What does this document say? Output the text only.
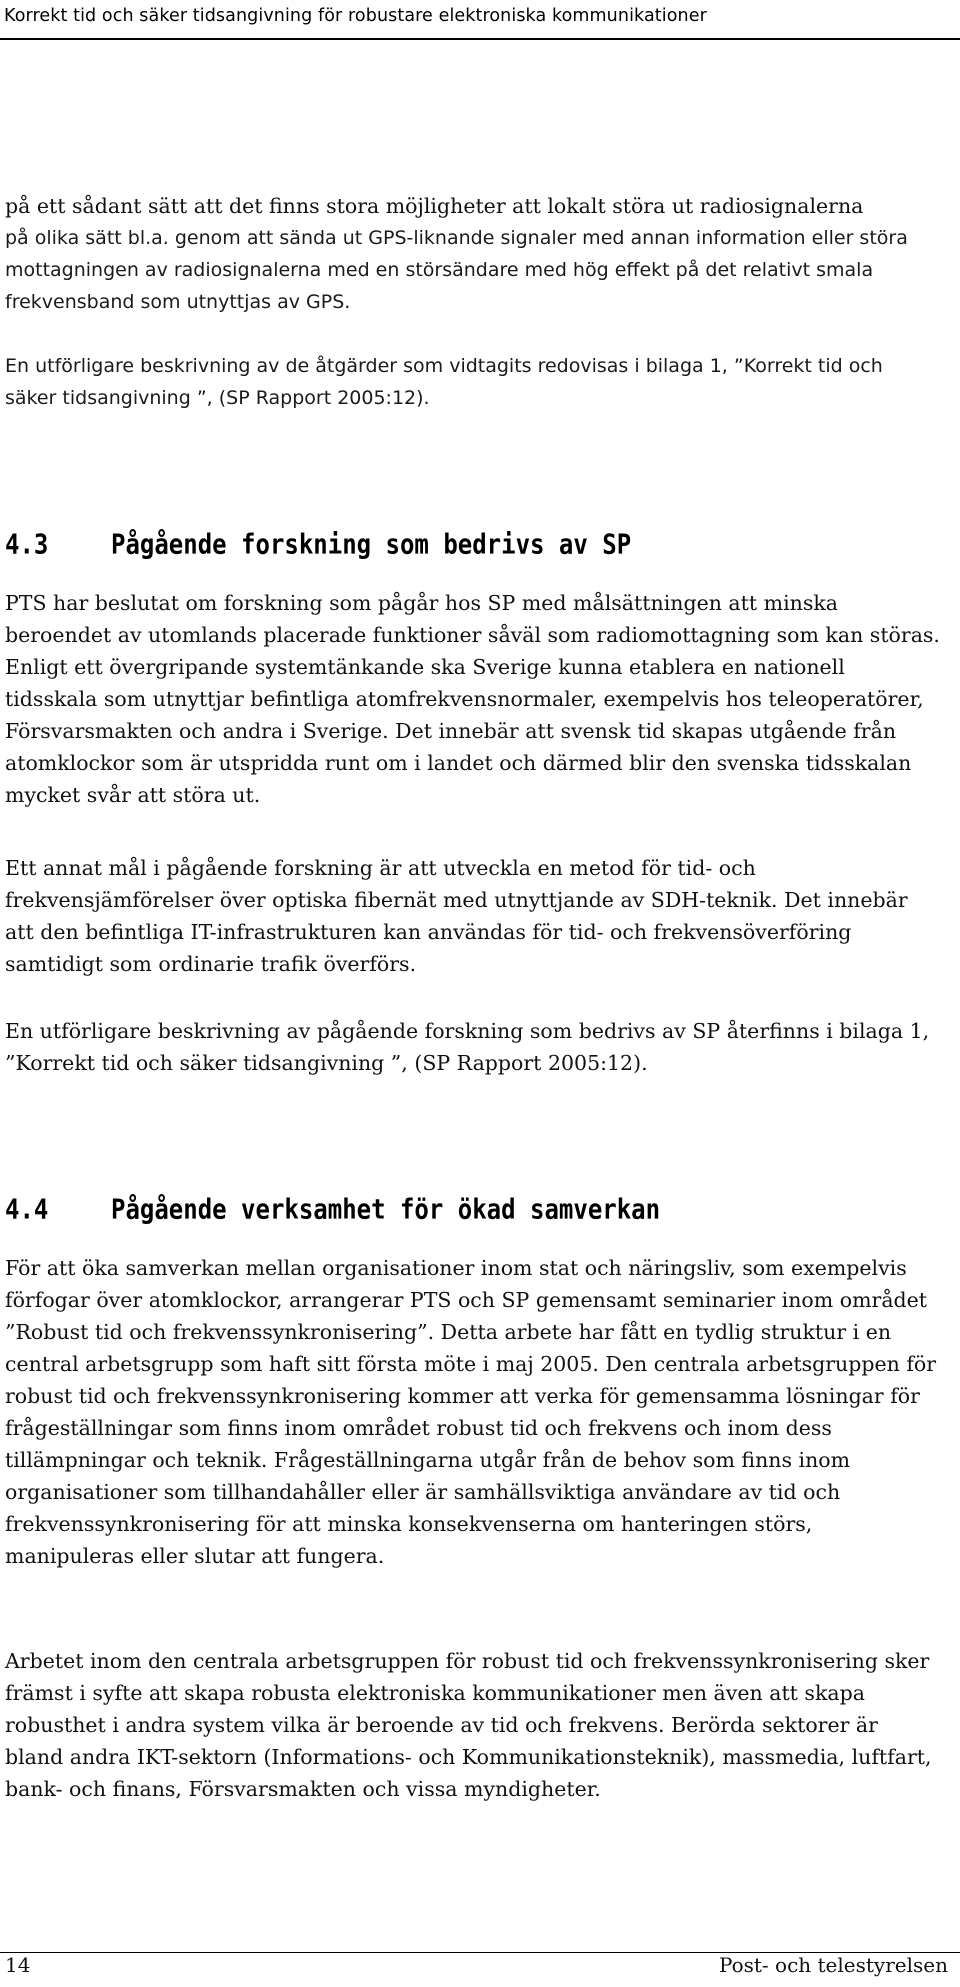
Korrekt tid och säker tidsangivning för robustare elektroniska kommunikationer

på ett sådant sätt att det finns stora möjligheter att lokalt störa ut radiosignalerna

på olika sätt bl.a. genom att sända ut GPS-liknande signaler med annan information eller störa mottagningen av radiosignalerna med en störsändare med hög effekt på det relativt smala frekvensband som utnyttjas av GPS.

En utförligare beskrivning av de åtgärder som vidtagits redovisas i bilaga 1, ”Korrekt tid och säker tidsangivning ”, (SP Rapport 2005:12).

4.3	Pågående forskning som bedrivs av SP

PTS har beslutat om forskning som pågår hos SP med målsättningen att minska beroendet av utomlands placerade funktioner såväl som radiomottagning som kan störas. Enligt ett övergripande systemtänkande ska Sverige kunna etablera en nationell tidsskala som utnyttjar befintliga atomfrekvensnormaler, exempelvis hos teleoperatörer, Försvarsmakten och andra i Sverige. Det innebär att svensk tid skapas utgående från atomklockor som är utspridda runt om i landet och därmed blir den svenska tidsskalan mycket svår att störa ut.

Ett annat mål i pågående forskning är att utveckla en metod för tid- och frekvensjämförelser över optiska fibernät med utnyttjande av SDH-teknik. Det innebär att den befintliga IT-infrastrukturen kan användas för tid- och frekvensöverföring samtidigt som ordinarie trafik överförs.

En utförligare beskrivning av pågående forskning som bedrivs av SP återfinns i bilaga 1, ”Korrekt tid och säker tidsangivning ”, (SP Rapport 2005:12).

4.4	Pågående verksamhet för ökad samverkan

För att öka samverkan mellan organisationer inom stat och näringsliv, som exempelvis förfogar över atomklockor, arrangerar PTS och SP gemensamt seminarier inom området ”Robust tid och frekvenssynkronisering”. Detta arbete har fått en tydlig struktur i en central arbetsgrupp som haft sitt första möte i maj 2005. Den centrala arbetsgruppen för robust tid och frekvenssynkronisering kommer att verka för gemensamma lösningar för frågeställningar som finns inom området robust tid och frekvens och inom dess tillämpningar och teknik. Frågeställningarna utgår från de behov som finns inom organisationer som tillhandahåller eller är samhällsviktiga användare av tid och frekvenssynkronisering för att minska konsekvenserna om hanteringen störs, manipuleras eller slutar att fungera.

Arbetet inom den centrala arbetsgruppen för robust tid och frekvenssynkronisering sker främst i syfte att skapa robusta elektroniska kommunikationer men även att skapa robusthet i andra system vilka är beroende av tid och frekvens. Berörda sektorer är bland andra IKT-sektorn (Informations- och Kommunikationsteknik), massmedia, luftfart, bank- och finans, Försvarsmakten och vissa myndigheter.

14	Post- och telestyrelsen
